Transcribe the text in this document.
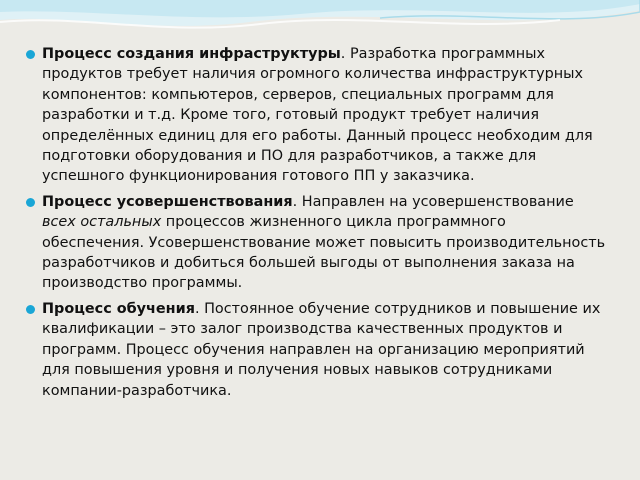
Процесс создания инфраструктуры. Разработка программных продуктов требует наличия огромного количества инфраструктурных компонентов: компьютеров, серверов, специальных программ для разработки и т.д. Кроме того, готовый продукт требует наличия определённых единиц для его работы. Данный процесс необходим для подготовки оборудования и ПО для разработчиков, а также для успешного функционирования готового ПП у заказчика.

Процесс усовершенствования. Направлен на усовершенствование всех остальных процессов жизненного цикла программного обеспечения. Усовершенствование может повысить производительность разработчиков и добиться большей выгоды от выполнения заказа на производство программы.

Процесс обучения. Постоянное обучение сотрудников и повышение их квалификации – это залог производства качественных продуктов и программ. Процесс обучения направлен на организацию мероприятий для повышения уровня и получения новых навыков сотрудниками компании-разработчика.
